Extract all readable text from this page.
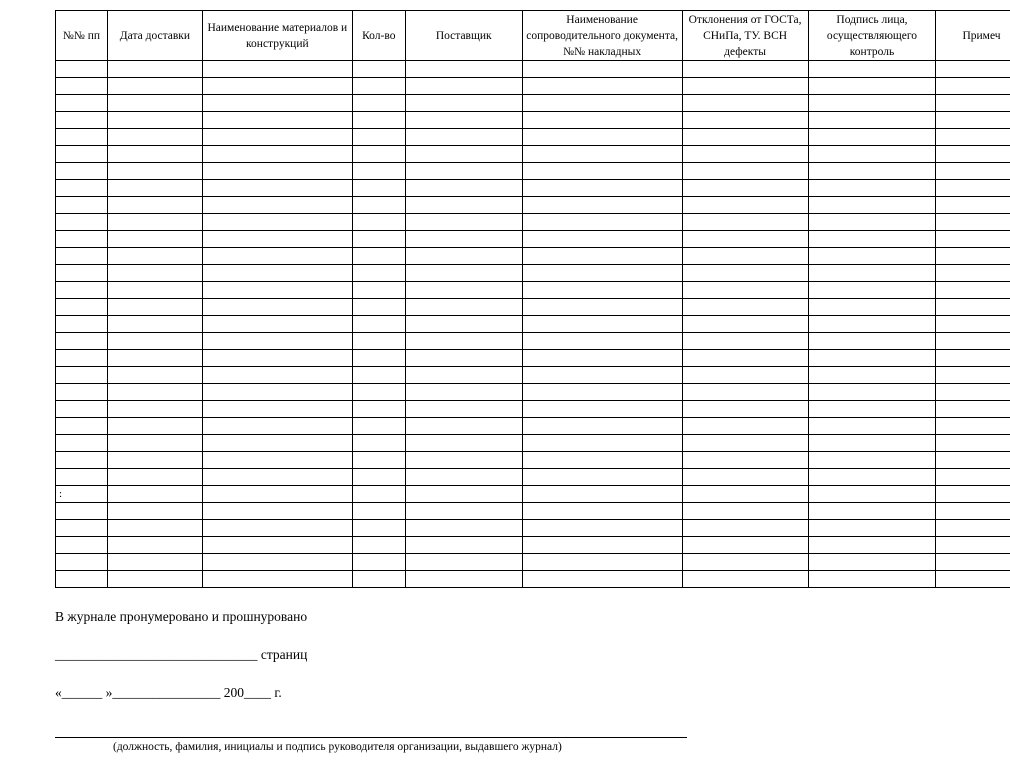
№№ пп	Дата доставки	Наименование материалов и конструкций	Кол-во	Поставщик	Наименование сопроводительного документа, №№ накладных	Отклонения от ГОСТа, СНиПа, ТУ. ВСН дефекты	Подпись лица, осуществляющего контроль	Примеч

:								

В журнале пронумеровано и прошнуровано
______________________________ страниц
«______ »________________ 200____ г.
(должность, фамилия, инициалы и подпись руководителя организации, выдавшего журнал)
